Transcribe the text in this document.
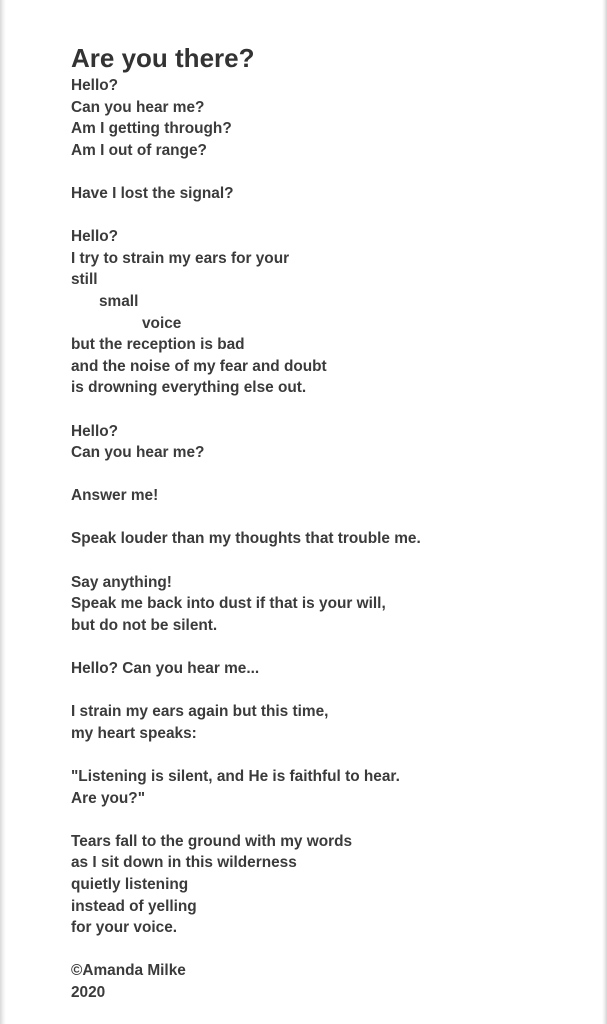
Are you there?
Hello?
Can you hear me?
Am I getting through?
Am I out of range?
Have I lost the signal?
Hello?
I try to strain my ears for your
still
small
voice
but the reception is bad
and the noise of my fear and doubt
is drowning everything else out.
Hello?
Can you hear me?
Answer me!
Speak louder than my thoughts that trouble me.
Say anything!
Speak me back into dust if that is your will,
but do not be silent.
Hello? Can you hear me...
I strain my ears again but this time,
my heart speaks:
"Listening is silent, and He is faithful to hear.
Are you?"
Tears fall to the ground with my words
as I sit down in this wilderness
quietly listening
instead of yelling
for your voice.
©Amanda Milke
2020
